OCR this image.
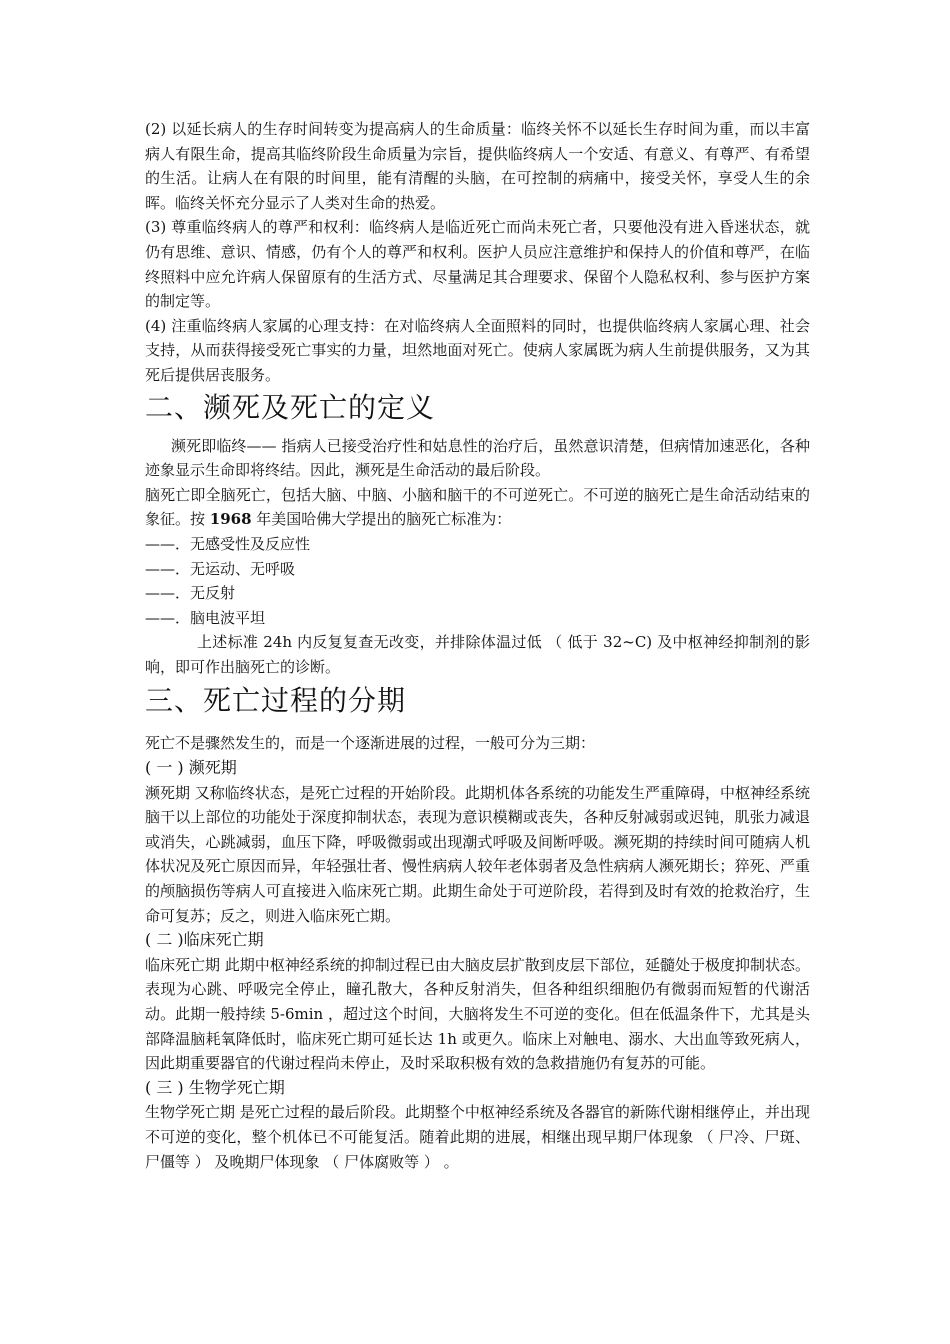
(2) 以延长病人的生存时间转变为提高病人的生命质量：临终关怀不以延长生存时间为重，而以丰富病人有限生命，提高其临终阶段生命质量为宗旨，提供临终病人一个安适、有意义、有尊严、有希望的生活。让病人在有限的时间里，能有清醒的头脑，在可控制的病痛中，接受关怀，享受人生的余晖。临终关怀充分显示了人类对生命的热爱。

(3) 尊重临终病人的尊严和权利：临终病人是临近死亡而尚未死亡者，只要他没有进入昏迷状态，就仍有思维、意识、情感，仍有个人的尊严和权利。医护人员应注意维护和保持人的价值和尊严，在临终照料中应允许病人保留原有的生活方式、尽量满足其合理要求、保留个人隐私权利、参与医护方案的制定等。

(4) 注重临终病人家属的心理支持：在对临终病人全面照料的同时，也提供临终病人家属心理、社会支持，从而获得接受死亡事实的力量，坦然地面对死亡。使病人家属既为病人生前提供服务，又为其死后提供居丧服务。

二、濒死及死亡的定义

濒死即临终—— 指病人已接受治疗性和姑息性的治疗后，虽然意识清楚，但病情加速恶化，各种迹象显示生命即将终结。因此，濒死是生命活动的最后阶段。

脑死亡即全脑死亡，包括大脑、中脑、小脑和脑干的不可逆死亡。不可逆的脑死亡是生命活动结束的象征。按 1968 年美国哈佛大学提出的脑死亡标准为：

——．无感受性及反应性

——．无运动、无呼吸

——．无反射

——．脑电波平坦

上述标准 24h 内反复复查无改变，并排除体温过低 （ 低于 32~C) 及中枢神经抑制剂的影响，即可作出脑死亡的诊断。

三、死亡过程的分期

死亡不是骤然发生的，而是一个逐渐进展的过程，一般可分为三期：

( 一 ) 濒死期

濒死期 又称临终状态，是死亡过程的开始阶段。此期机体各系统的功能发生严重障碍，中枢神经系统脑干以上部位的功能处于深度抑制状态，表现为意识模糊或丧失，各种反射减弱或迟钝，肌张力减退或消失，心跳减弱，血压下降，呼吸微弱或出现潮式呼吸及间断呼吸。濒死期的持续时间可随病人机体状况及死亡原因而异，年轻强壮者、慢性病病人较年老体弱者及急性病病人濒死期长；猝死、严重的颅脑损伤等病人可直接进入临床死亡期。此期生命处于可逆阶段，若得到及时有效的抢救治疗，生命可复苏；反之，则进入临床死亡期。

( 二 )临床死亡期

临床死亡期 此期中枢神经系统的抑制过程已由大脑皮层扩散到皮层下部位，延髓处于极度抑制状态。表现为心跳、呼吸完全停止，瞳孔散大，各种反射消失，但各种组织细胞仍有微弱而短暂的代谢活动。此期一般持续 5-6min ，超过这个时间，大脑将发生不可逆的变化。但在低温条件下，尤其是头部降温脑耗氧降低时，临床死亡期可延长达 1h 或更久。临床上对触电、溺水、大出血等致死病人，因此期重要器官的代谢过程尚未停止，及时采取积极有效的急救措施仍有复苏的可能。

( 三 ) 生物学死亡期

生物学死亡期 是死亡过程的最后阶段。此期整个中枢神经系统及各器官的新陈代谢相继停止，并出现不可逆的变化，整个机体已不可能复活。随着此期的进展，相继出现早期尸体现象 （ 尸冷、尸斑、尸僵等 ） 及晚期尸体现象 （ 尸体腐败等 ） 。
